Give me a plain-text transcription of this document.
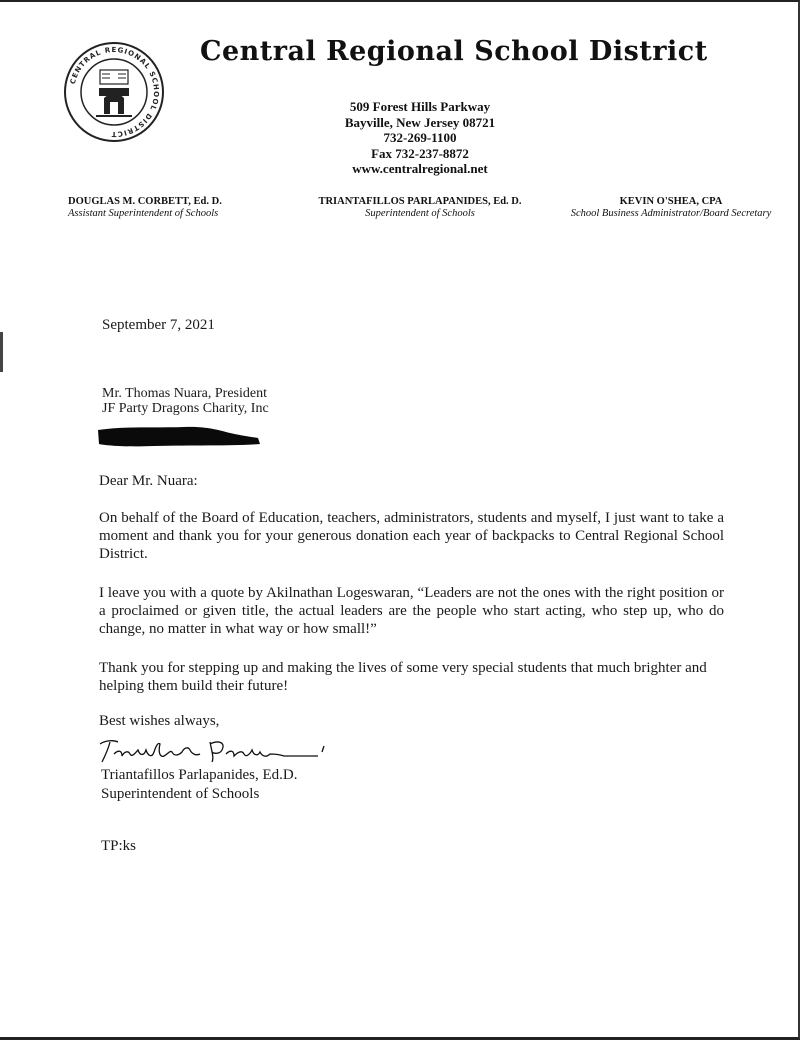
CENTRAL REGIONAL SCHOOL DISTRICT
Central Regional School District
509 Forest Hills Parkway
Bayville, New Jersey 08721
732-269-1100
Fax 732-237-8872
www.centralregional.net
DOUGLAS M. CORBETT, Ed. D.
Assistant Superintendent of Schools
TRIANTAFILLOS PARLAPANIDES, Ed. D.
Superintendent of Schools
KEVIN O'SHEA, CPA
School Business Administrator/Board Secretary
September 7, 2021
Mr. Thomas Nuara, President
JF Party Dragons Charity, Inc
Dear Mr. Nuara:
On behalf of the Board of Education, teachers, administrators, students and myself, I just want to take a moment and thank you for your generous donation each year of backpacks to Central Regional School District.
I leave you with a quote by Akilnathan Logeswaran, “Leaders are not the ones with the right position or a proclaimed or given title, the actual leaders are the people who start acting, who step up, who do change, no matter in what way or how small!”
Thank you for stepping up and making the lives of some very special students that much brighter and helping them build their future!
Best wishes always,
Triantafillos Parlapanides, Ed.D.
Superintendent of Schools
TP:ks
